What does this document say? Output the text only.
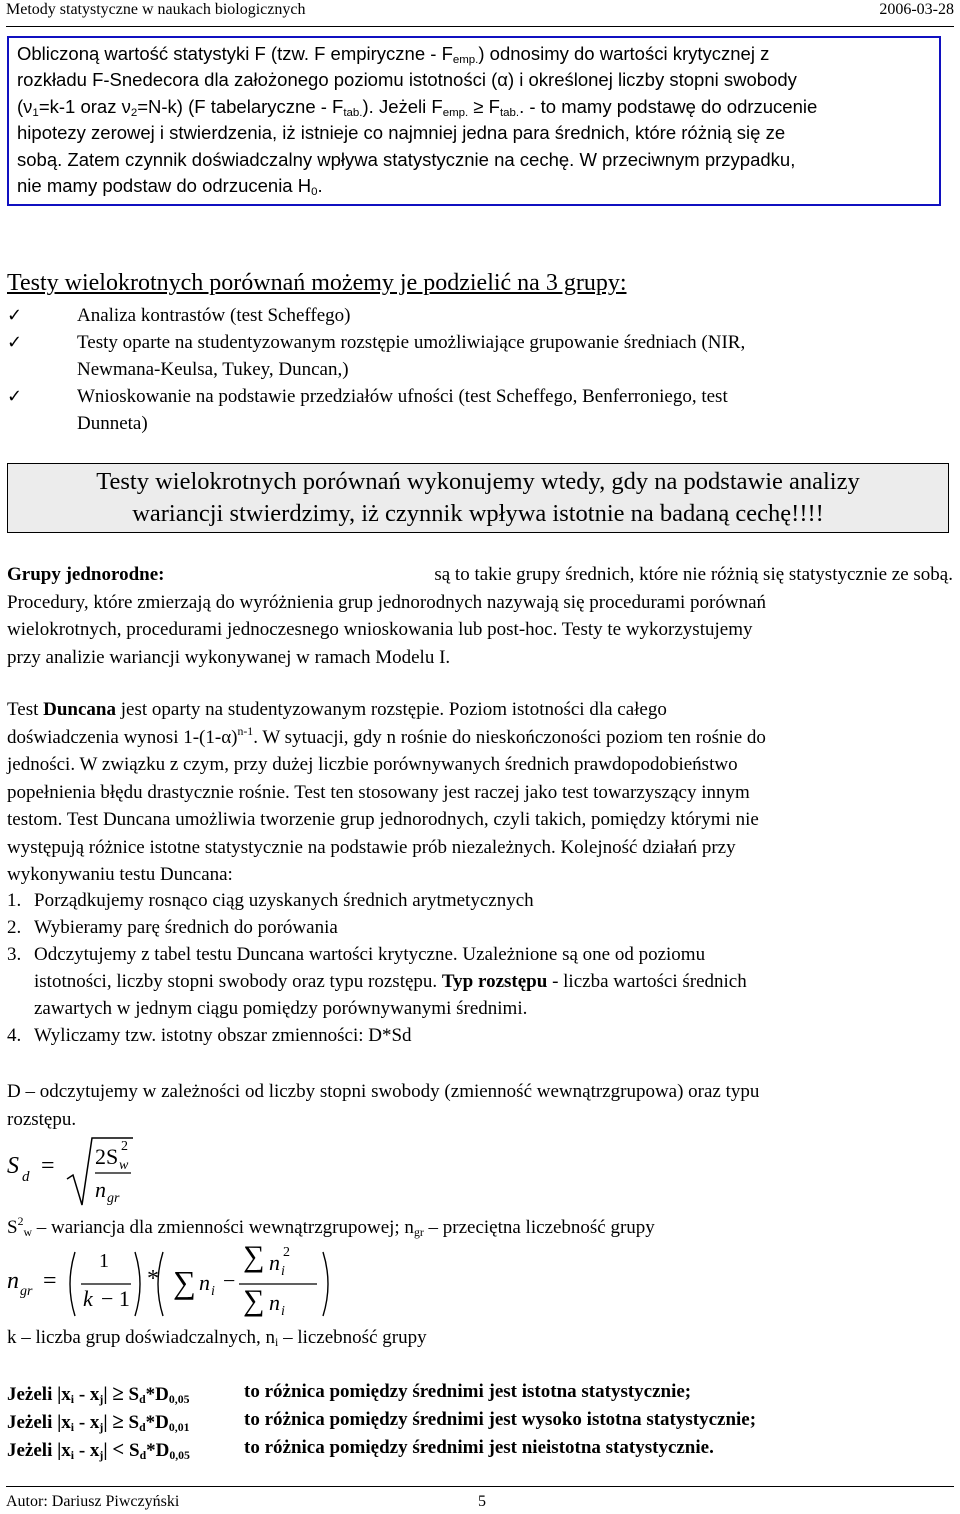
Metody statystyczne w naukach biologicznych	2006-03-28
Obliczoną wartość statystyki F (tzw. F empiryczne - $F_{emp.}$) odnosimy do wartości krytycznej z
rozkładu F-Snedecora dla założonego poziomu istotności (α) i określonej liczby stopni swobody
($\nu_1=k-1$ oraz $\nu_2=N-k$) (F tabelaryczne - $F_{tab.}$). Jeżeli $F_{emp.} \ge F_{tab.}$. - to mamy podstawę do odrzucenie
hipotezy zerowej i stwierdzenia, iż istnieje co najmniej jedna para średnich, które różnią się ze
sobą. Zatem czynnik doświadczalny wpływa statystycznie na cechę. W przeciwnym przypadku,
nie mamy podstaw do odrzucenia $H_0$.
Testy wielokrotnych porównań możemy je podzielić na 3 grupy:
✓	Analiza kontrastów (test Scheffego)
✓	Testy oparte na studentyzowanym rozstępie umożliwiające grupowanie średniach (NIR,
Newmana-Keulsa, Tukey, Duncan,)
✓	Wnioskowanie na podstawie przedziałów ufności (test Scheffego, Benferroniego, test
Dunneta)
Testy wielokrotnych porównań wykonujemy wtedy, gdy na podstawie analizy
wariancji stwierdzimy, iż czynnik wpływa istotnie na badaną cechę!!!!
Grupy jednorodne:	są to takie grupy średnich, które nie różnią się statystycznie ze sobą.
Procedury, które zmierzają do wyróżnienia grup jednorodnych nazywają się procedurami porównań
wielokrotnych, procedurami jednoczesnego wnioskowania lub post-hoc. Testy te wykorzystujemy
przy analizie wariancji wykonywanej w ramach Modelu I.
Test Duncana jest oparty na studentyzowanym rozstępie. Poziom istotności dla całego
doświadczenia wynosi $1-(1-\alpha)^{n-1}$. W sytuacji, gdy n rośnie do nieskończoności poziom ten rośnie do
jedności. W związku z czym, przy dużej liczbie porównywanych średnich prawdopodobieństwo
popełnienia błędu drastycznie rośnie. Test ten stosowany jest raczej jako test towarzyszący innym
testom. Test Duncana umożliwia tworzenie grup jednorodnych, czyli takich, pomiędzy którymi nie
występują różnice istotne statystycznie na podstawie prób niezależnych. Kolejność działań przy
wykonywaniu testu Duncana:
1. Porządkujemy rosnąco ciąg uzyskanych średnich arytmetycznych
2. Wybieramy parę średnich do porówania
3. Odczytujemy z tabel testu Duncana wartości krytyczne. Uzależnione są one od poziomu
istotności, liczby stopni swobody oraz typu rozstępu. Typ rozstępu - liczba wartości średnich
zawartych w jednym ciągu pomiędzy porównywanymi średnimi.
4. Wyliczamy tzw. istotny obszar zmienności: D*Sd
D – odczytujemy w zależności od liczby stopni swobody (zmienność wewnątrzgrupowa) oraz typu
rozstępu.
S d = 2S 2
w
n gr
$S^2_w$ – wariancja dla zmienności wewnątrzgrupowej; $n_{gr}$ – przeciętna liczebność grupy
n gr =
1
k − 1
* ∑ n i −
∑ n 2
i
∑ n i
k – liczba grup doświadczalnych, $n_i$ – liczebność grupy
Jeżeli $|x_i - x_j| \ge S_d*D_{0,05}$	to różnica pomiędzy średnimi jest istotna statystycznie;
Jeżeli $|x_i - x_j| \ge S_d*D_{0,01}$	to różnica pomiędzy średnimi jest wysoko istotna statystycznie;
Jeżeli $|x_i - x_j| < S_d*D_{0,05}$	to różnica pomiędzy średnimi jest nieistotna statystycznie.
Autor: Dariusz Piwczyński	5
